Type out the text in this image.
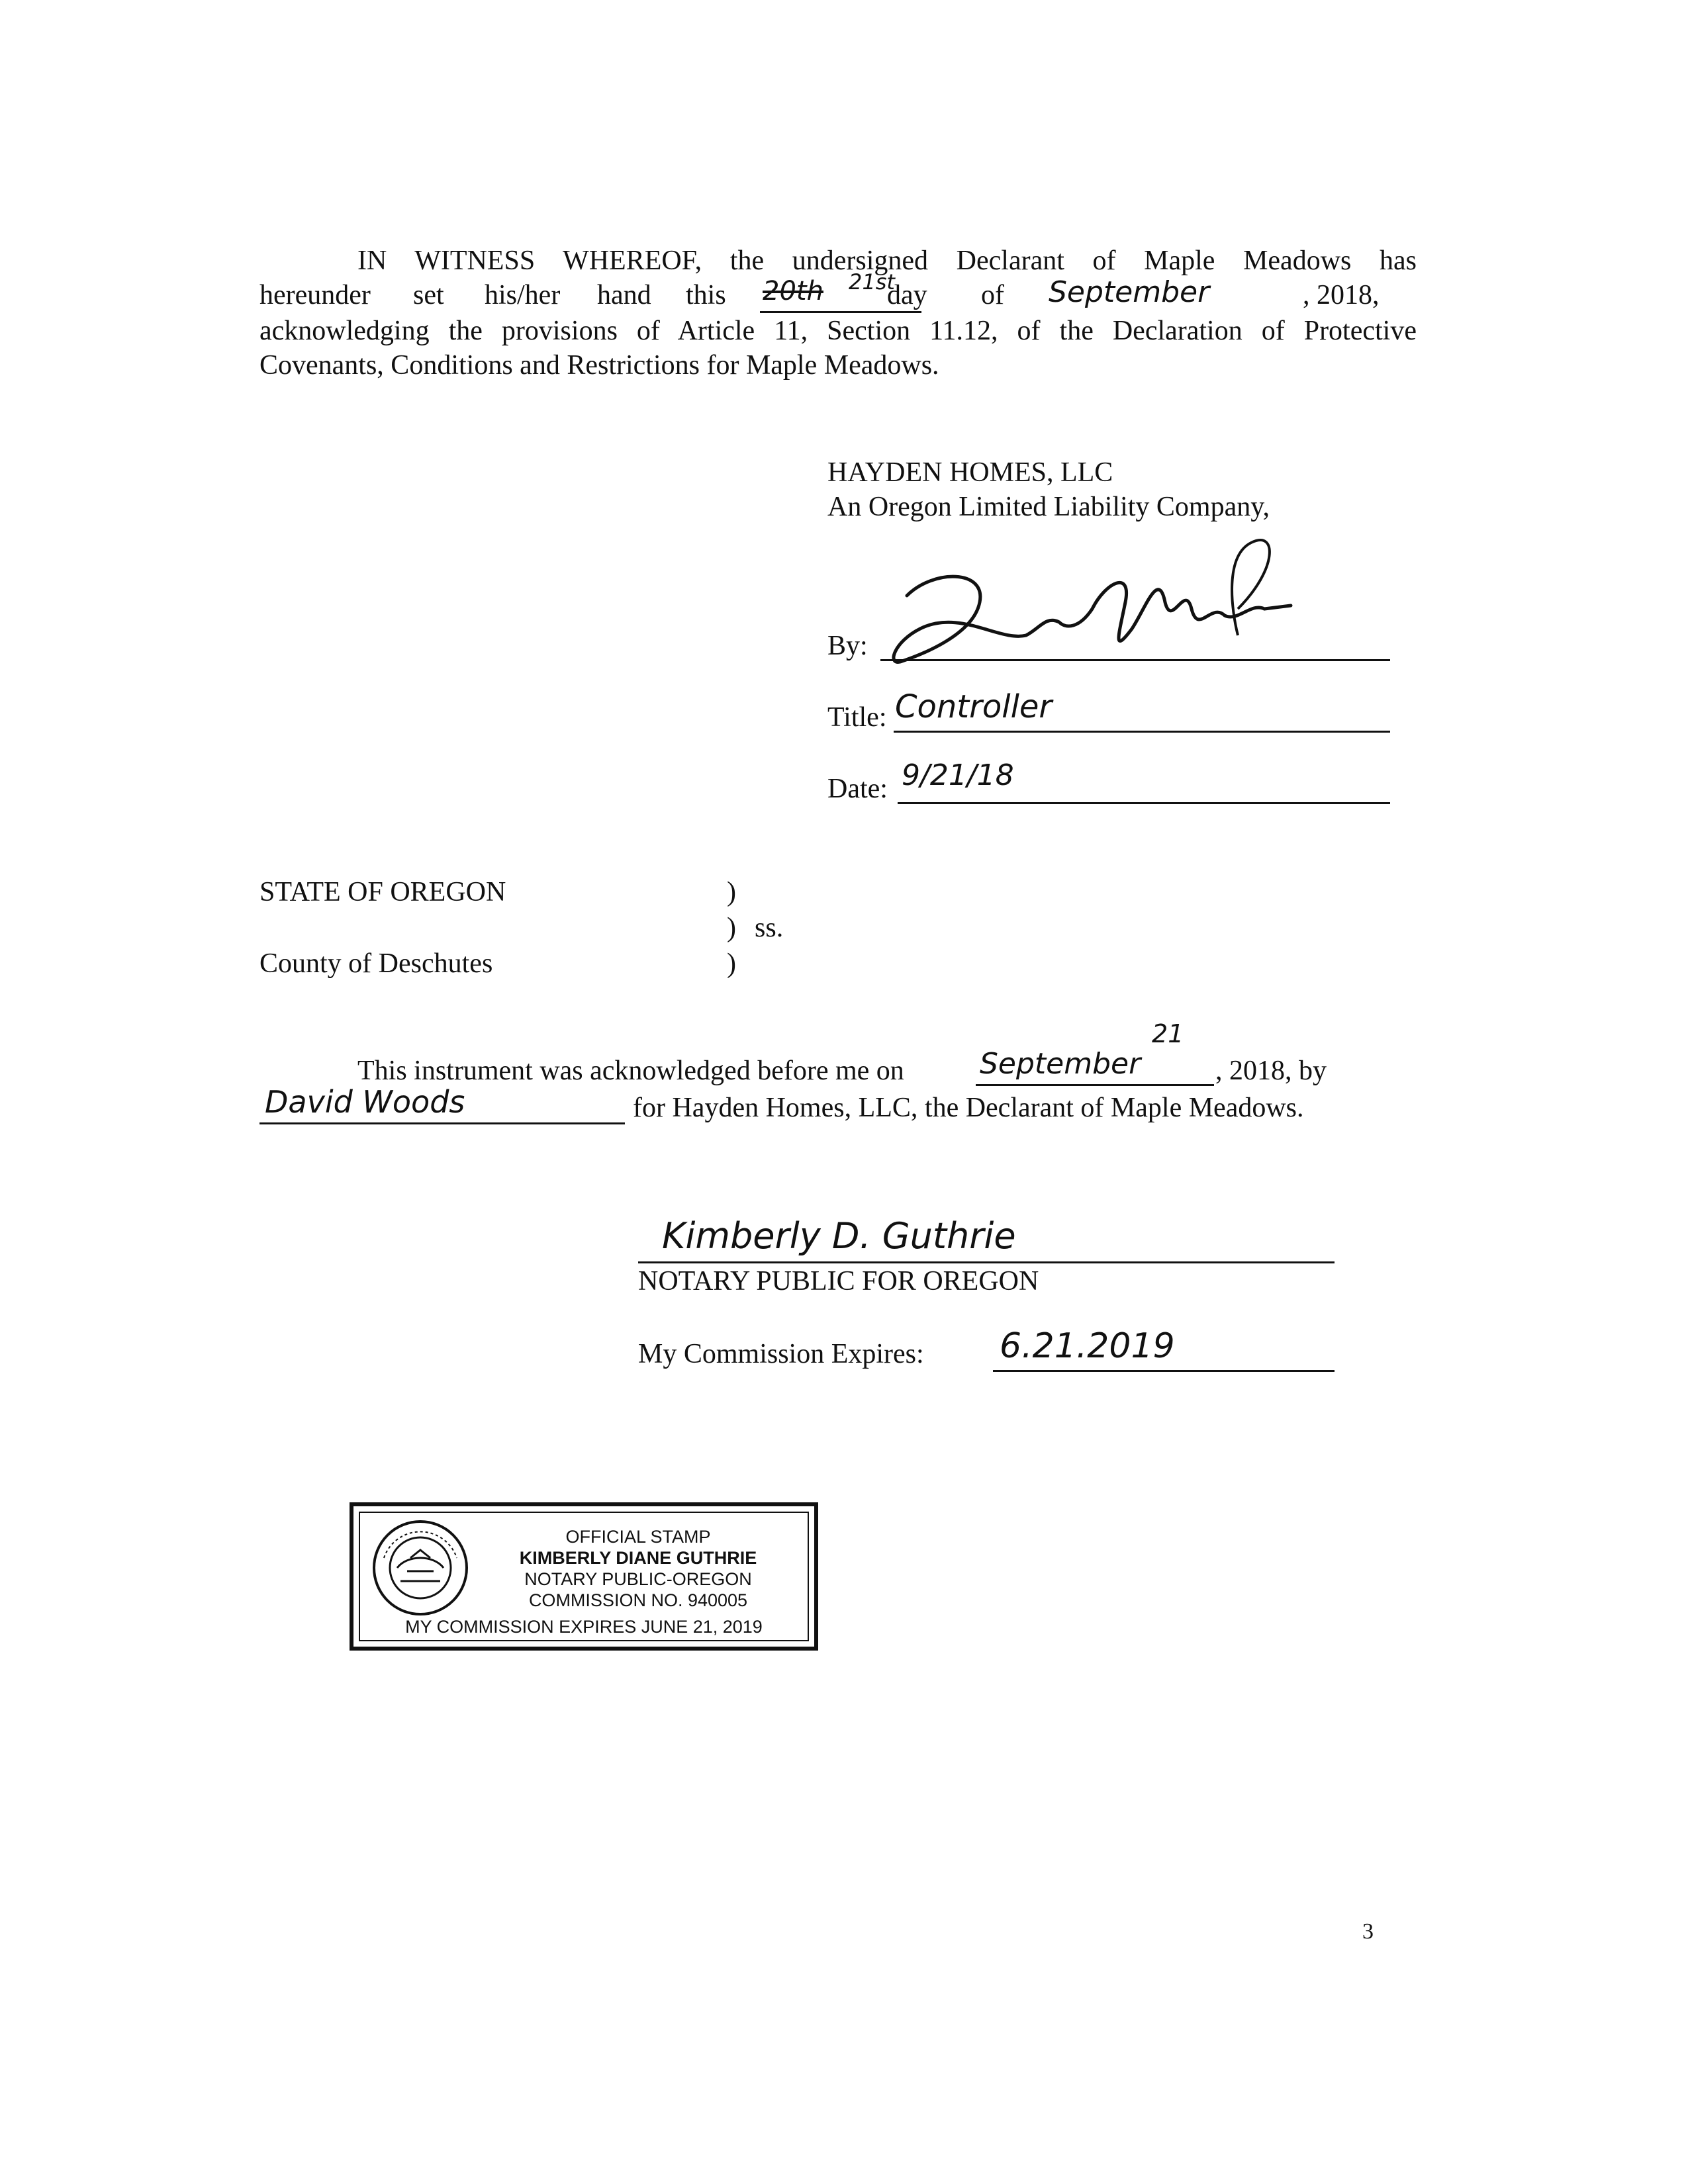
IN WITNESS WHEREOF, the undersigned Declarant of Maple Meadows has
hereunder set his/her hand this 20th 21st
day of September	, 2018,
acknowledging the provisions of Article 11, Section 11.12, of the Declaration of Protective
Covenants, Conditions and Restrictions for Maple Meadows.
HAYDEN HOMES, LLC
An Oregon Limited Liability Company,
By:
Title: Controller
Date: 9/21/18
STATE OF OREGON	)
) ss.
County of Deschutes	)
This instrument was acknowledged before me on
21
September	, 2018, by
David Woods	for Hayden Homes, LLC, the Declarant of Maple Meadows.
Kimberly D. Guthrie
NOTARY PUBLIC FOR OREGON
My Commission Expires: 6.21.2019
OFFICIAL STAMP
KIMBERLY DIANE GUTHRIE
NOTARY PUBLIC-OREGON
COMMISSION NO. 940005
MY COMMISSION EXPIRES JUNE 21, 2019
3
